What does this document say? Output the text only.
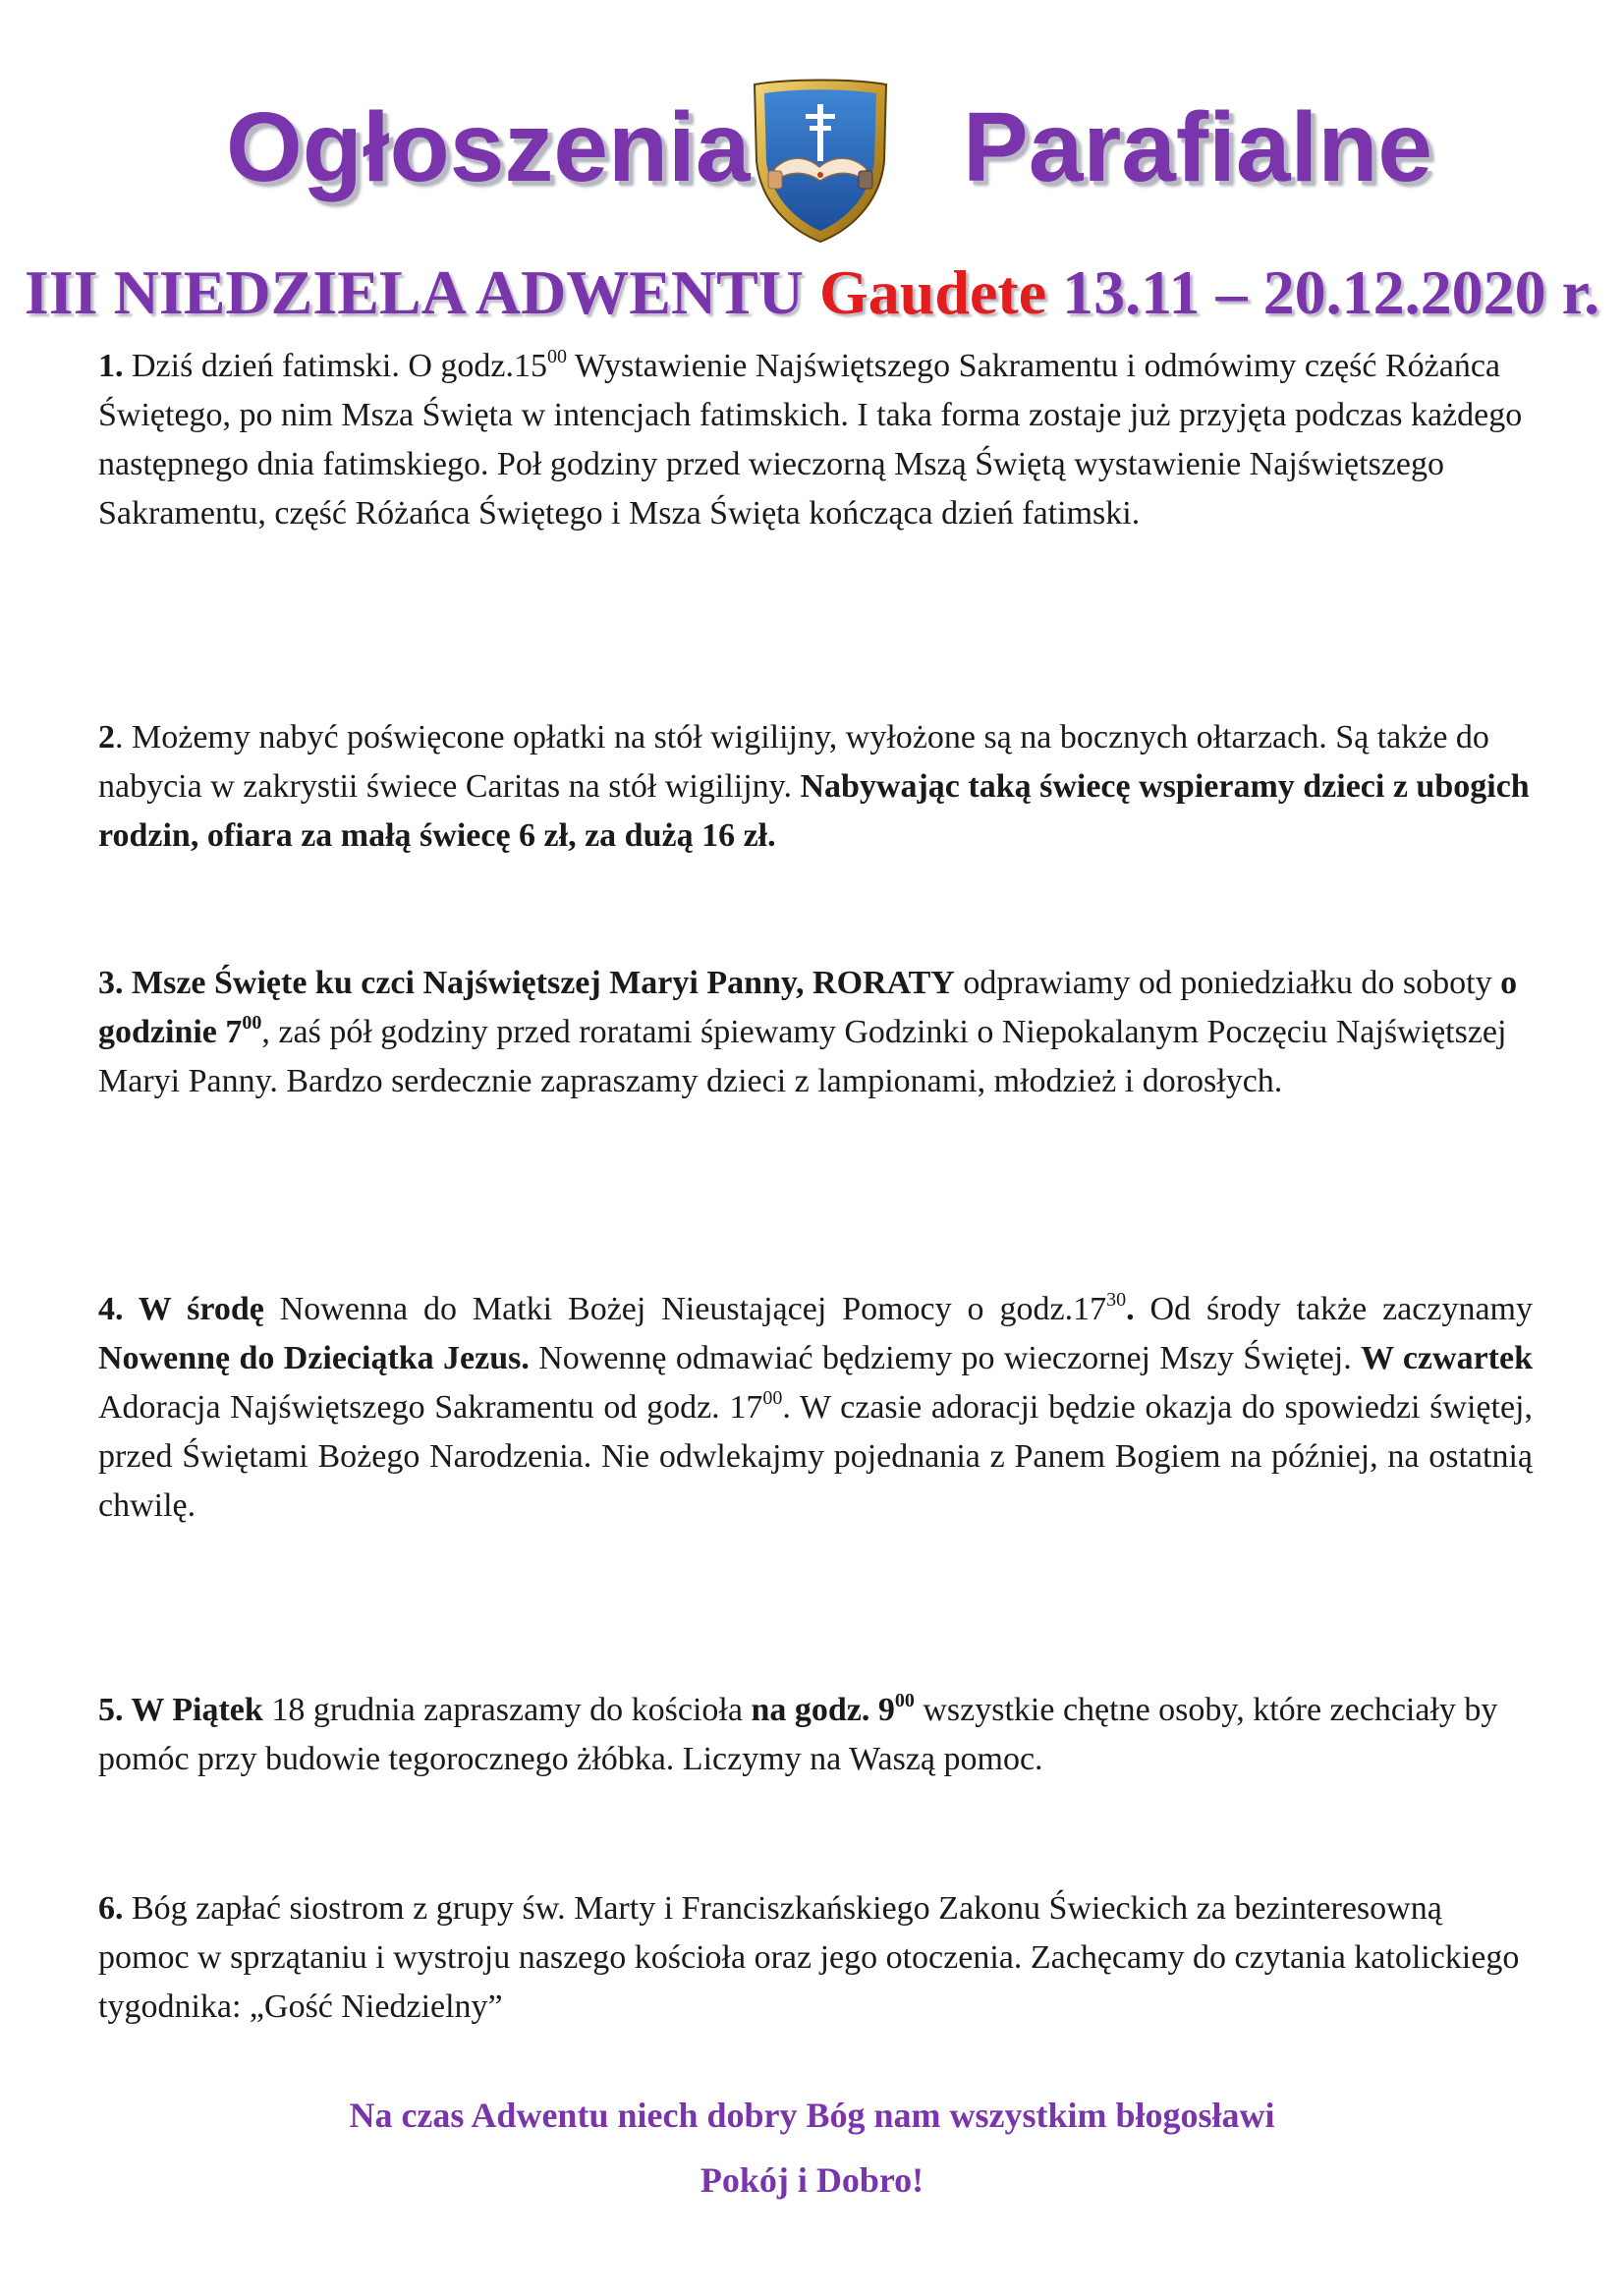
Ogłoszenia Parafialne
III NIEDZIELA ADWENTU Gaudete 13.11 – 20.12.2020 r.

1. Dziś dzień fatimski. O $godz.15^{00}$ Wystawienie Najświętszego Sakramentu i odmówimy część Różańca Świętego, po nim Msza Święta w intencjach fatimskich. I taka forma zostaje już przyjęta podczas każdego następnego dnia fatimskiego. Poł godziny przed wieczorną Mszą Świętą wystawienie Najświętszego Sakramentu, część Różańca Świętego i Msza Święta kończąca dzień fatimski.

2. Możemy nabyć poświęcone opłatki na stół wigilijny, wyłożone są na bocznych ołtarzach. Są także do nabycia w zakrystii świece Caritas na stół wigilijny. Nabywając taką świecę wspieramy dzieci z ubogich rodzin, ofiara za małą świecę 6 zł, za dużą 16 zł.

3. Msze Święte ku czci Najświętszej Maryi Panny, RORATY odprawiamy od poniedziałku do soboty o godzinie $7^{00}$, zaś pół godziny przed roratami śpiewamy Godzinki o Niepokalanym Poczęciu Najświętszej Maryi Panny. Bardzo serdecznie zapraszamy dzieci z lampionami, młodzież i dorosłych.

4. W środę Nowenna do Matki Bożej Nieustającej Pomocy o $godz.17^{30}$. Od środy także zaczynamy Nowennę do Dzieciątka Jezus. Nowennę odmawiać będziemy po wieczornej Mszy Świętej. W czwartek Adoracja Najświętszego Sakramentu od godz. $17^{00}$. W czasie adoracji będzie okazja do spowiedzi świętej, przed Świętami Bożego Narodzenia. Nie odwlekajmy pojednania z Panem Bogiem na później, na ostatnią chwilę.

5. W Piątek 18 grudnia zapraszamy do kościoła na godz. $9^{00}$ wszystkie chętne osoby, które zechciały by pomóc przy budowie tegorocznego żłóbka. Liczymy na Waszą pomoc.

6. Bóg zapłać siostrom z grupy św. Marty i Franciszkańskiego Zakonu Świeckich za bezinteresowną pomoc w sprzątaniu i wystroju naszego kościoła oraz jego otoczenia. Zachęcamy do czytania katolickiego tygodnika: „Gość Niedzielny”

Na czas Adwentu niech dobry Bóg nam wszystkim błogosławi
Pokój i Dobro!
